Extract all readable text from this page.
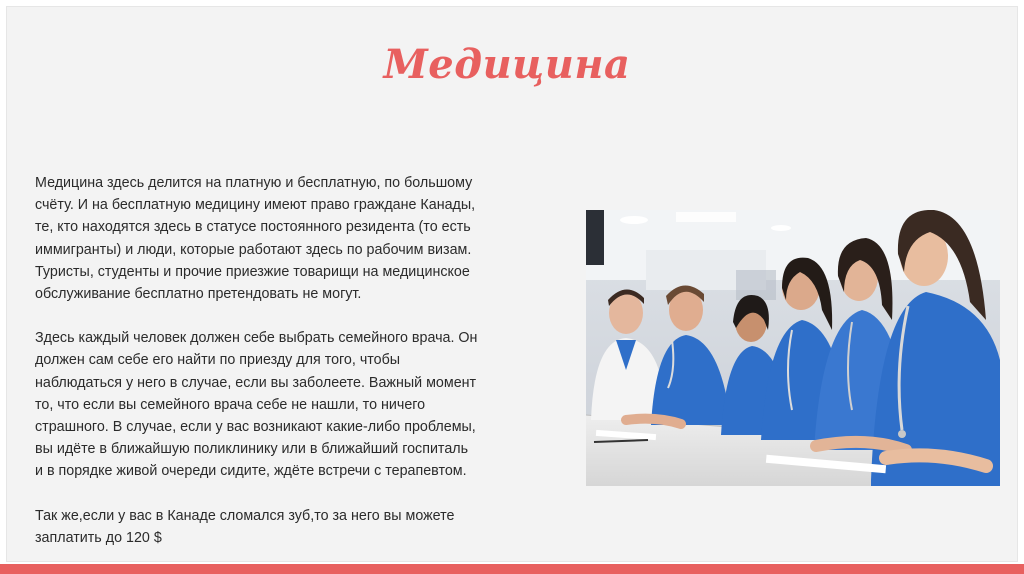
Медицина

Медицина здесь делится на платную и бесплатную, по большому
счёту. И на бесплатную медицину имеют право граждане Канады,
те, кто находятся здесь в статусе постоянного резидента (то есть
иммигранты) и люди, которые работают здесь по рабочим визам.
Туристы, студенты и прочие приезжие товарищи на медицинское
обслуживание бесплатно претендовать не могут.

Здесь каждый человек должен себе выбрать семейного врача. Он
должен сам себе его найти по приезду для того, чтобы
наблюдаться у него в случае, если вы заболеете. Важный момент
то, что если вы семейного врача себе не нашли, то ничего
страшного. В случае, если у вас возникают какие-либо проблемы,
вы идёте в ближайшую поликлинику или в ближайший госпиталь
и в порядке живой очереди сидите, ждёте встречи с терапевтом.

Так же,если у вас в Канаде сломался зуб,то за него вы можете
заплатить до 120 $
